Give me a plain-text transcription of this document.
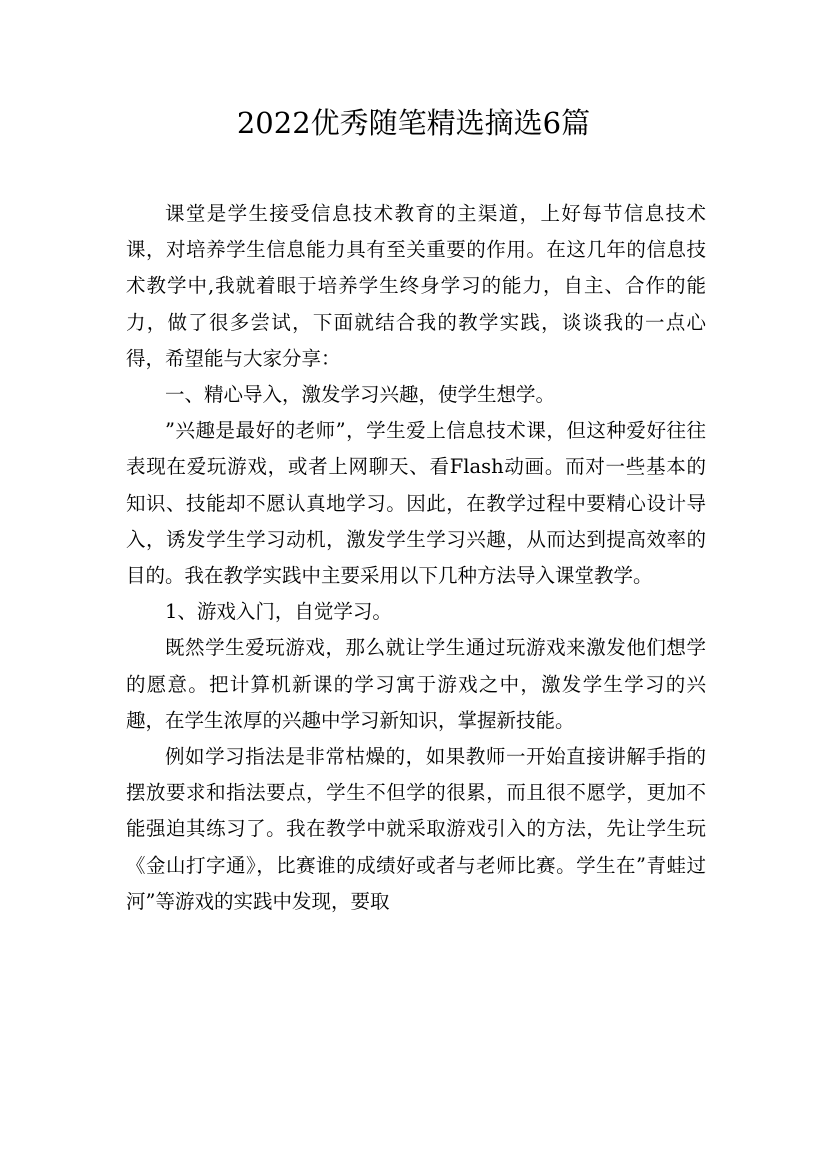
2022优秀随笔精选摘选6篇

课堂是学生接受信息技术教育的主渠道，上好每节信息技术课，对培养学生信息能力具有至关重要的作用。在这几年的信息技术教学中,我就着眼于培养学生终身学习的能力，自主、合作的能力，做了很多尝试，下面就结合我的教学实践，谈谈我的一点心得，希望能与大家分享：

一、精心导入，激发学习兴趣，使学生想学。

”兴趣是最好的老师”，学生爱上信息技术课，但这种爱好往往表现在爱玩游戏，或者上网聊天、看Flash动画。而对一些基本的知识、技能却不愿认真地学习。因此，在教学过程中要精心设计导入，诱发学生学习动机，激发学生学习兴趣，从而达到提高效率的目的。我在教学实践中主要采用以下几种方法导入课堂教学。

1、游戏入门，自觉学习。

既然学生爱玩游戏，那么就让学生通过玩游戏来激发他们想学的愿意。把计算机新课的学习寓于游戏之中，激发学生学习的兴趣，在学生浓厚的兴趣中学习新知识，掌握新技能。

例如学习指法是非常枯燥的，如果教师一开始直接讲解手指的摆放要求和指法要点，学生不但学的很累，而且很不愿学，更加不能强迫其练习了。我在教学中就采取游戏引入的方法，先让学生玩《金山打字通》，比赛谁的成绩好或者与老师比赛。学生在”青蛙过河”等游戏的实践中发现，要取
